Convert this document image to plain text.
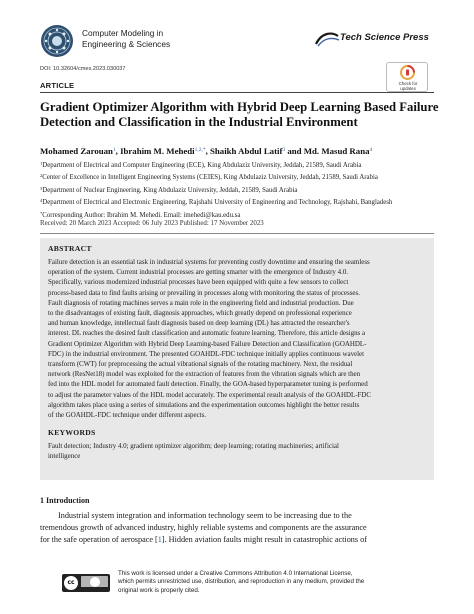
Computer Modeling in
Engineering & Sciences
Tech Science Press
DOI: 10.32604/cmes.2023.030037
ARTICLE	Check for
updates
Gradient Optimizer Algorithm with Hybrid Deep Learning Based Failure
Detection and Classification in the Industrial Environment
Mohamed Zarouan$^1$, Ibrahim M. Mehedi$^{1,2,*}$, Shaikh Abdul Latif$^3$ and Md. Masud Rana$^4$
$^1$Department of Electrical and Computer Engineering (ECE), King Abdulaziz University, Jeddah, 21589, Saudi Arabia
$^2$Center of Excellence in Intelligent Engineering Systems (CEIES), King Abdulaziz University, Jeddah, 21589, Saudi Arabia
$^3$Department of Nuclear Engineering, King Abdulaziz University, Jeddah, 21589, Saudi Arabia
$^4$Department of Electrical and Electronic Engineering, Rajshahi University of Engineering and Technology, Rajshahi, Bangladesh
*Corresponding Author: Ibrahim M. Mehedi. Email: imehedi@kau.edu.sa
Received: 20 March 2023 Accepted: 06 July 2023 Published: 17 November 2023
ABSTRACT
Failure detection is an essential task in industrial systems for preventing costly downtime and ensuring the seamless
operation of the system. Current industrial processes are getting smarter with the emergence of Industry 4.0.
Specifically, various modernized industrial processes have been equipped with quite a few sensors to collect
process-based data to find faults arising or prevailing in processes along with monitoring the status of processes.
Fault diagnosis of rotating machines serves a main role in the engineering field and industrial production. Due
to the disadvantages of existing fault, diagnosis approaches, which greatly depend on professional experience
and human knowledge, intellectual fault diagnosis based on deep learning (DL) has attracted the researcher's
interest. DL reaches the desired fault classification and automatic feature learning. Therefore, this article designs a
Gradient Optimizer Algorithm with Hybrid Deep Learning-based Failure Detection and Classification (GOAHDL-
FDC) in the industrial environment. The presented GOAHDL-FDC technique initially applies continuous wavelet
transform (CWT) for preprocessing the actual vibrational signals of the rotating machinery. Next, the residual
network (ResNet18) model was exploited for the extraction of features from the vibration signals which are then
fed into the HDL model for automated fault detection. Finally, the GOA-based hyperparameter tuning is performed
to adjust the parameter values of the HDL model accurately. The experimental result analysis of the GOAHDL-FDC
algorithm takes place using a series of simulations and the experimentation outcomes highlight the better results
of the GOAHDL-FDC technique under different aspects.
KEYWORDS
Fault detection; Industry 4.0; gradient optimizer algorithm; deep learning; rotating machineries; artificial
intelligence
1 Introduction
Industrial system integration and information technology seem to be increasing due to the
tremendous growth of advanced industry, highly reliable systems and components are the assurance
for the safe operation of aerospace [1]. Hidden aviation faults might result in catastrophic actions of
cc
This work is licensed under a Creative Commons Attribution 4.0 International License,
which permits unrestricted use, distribution, and reproduction in any medium, provided the
original work is properly cited.
